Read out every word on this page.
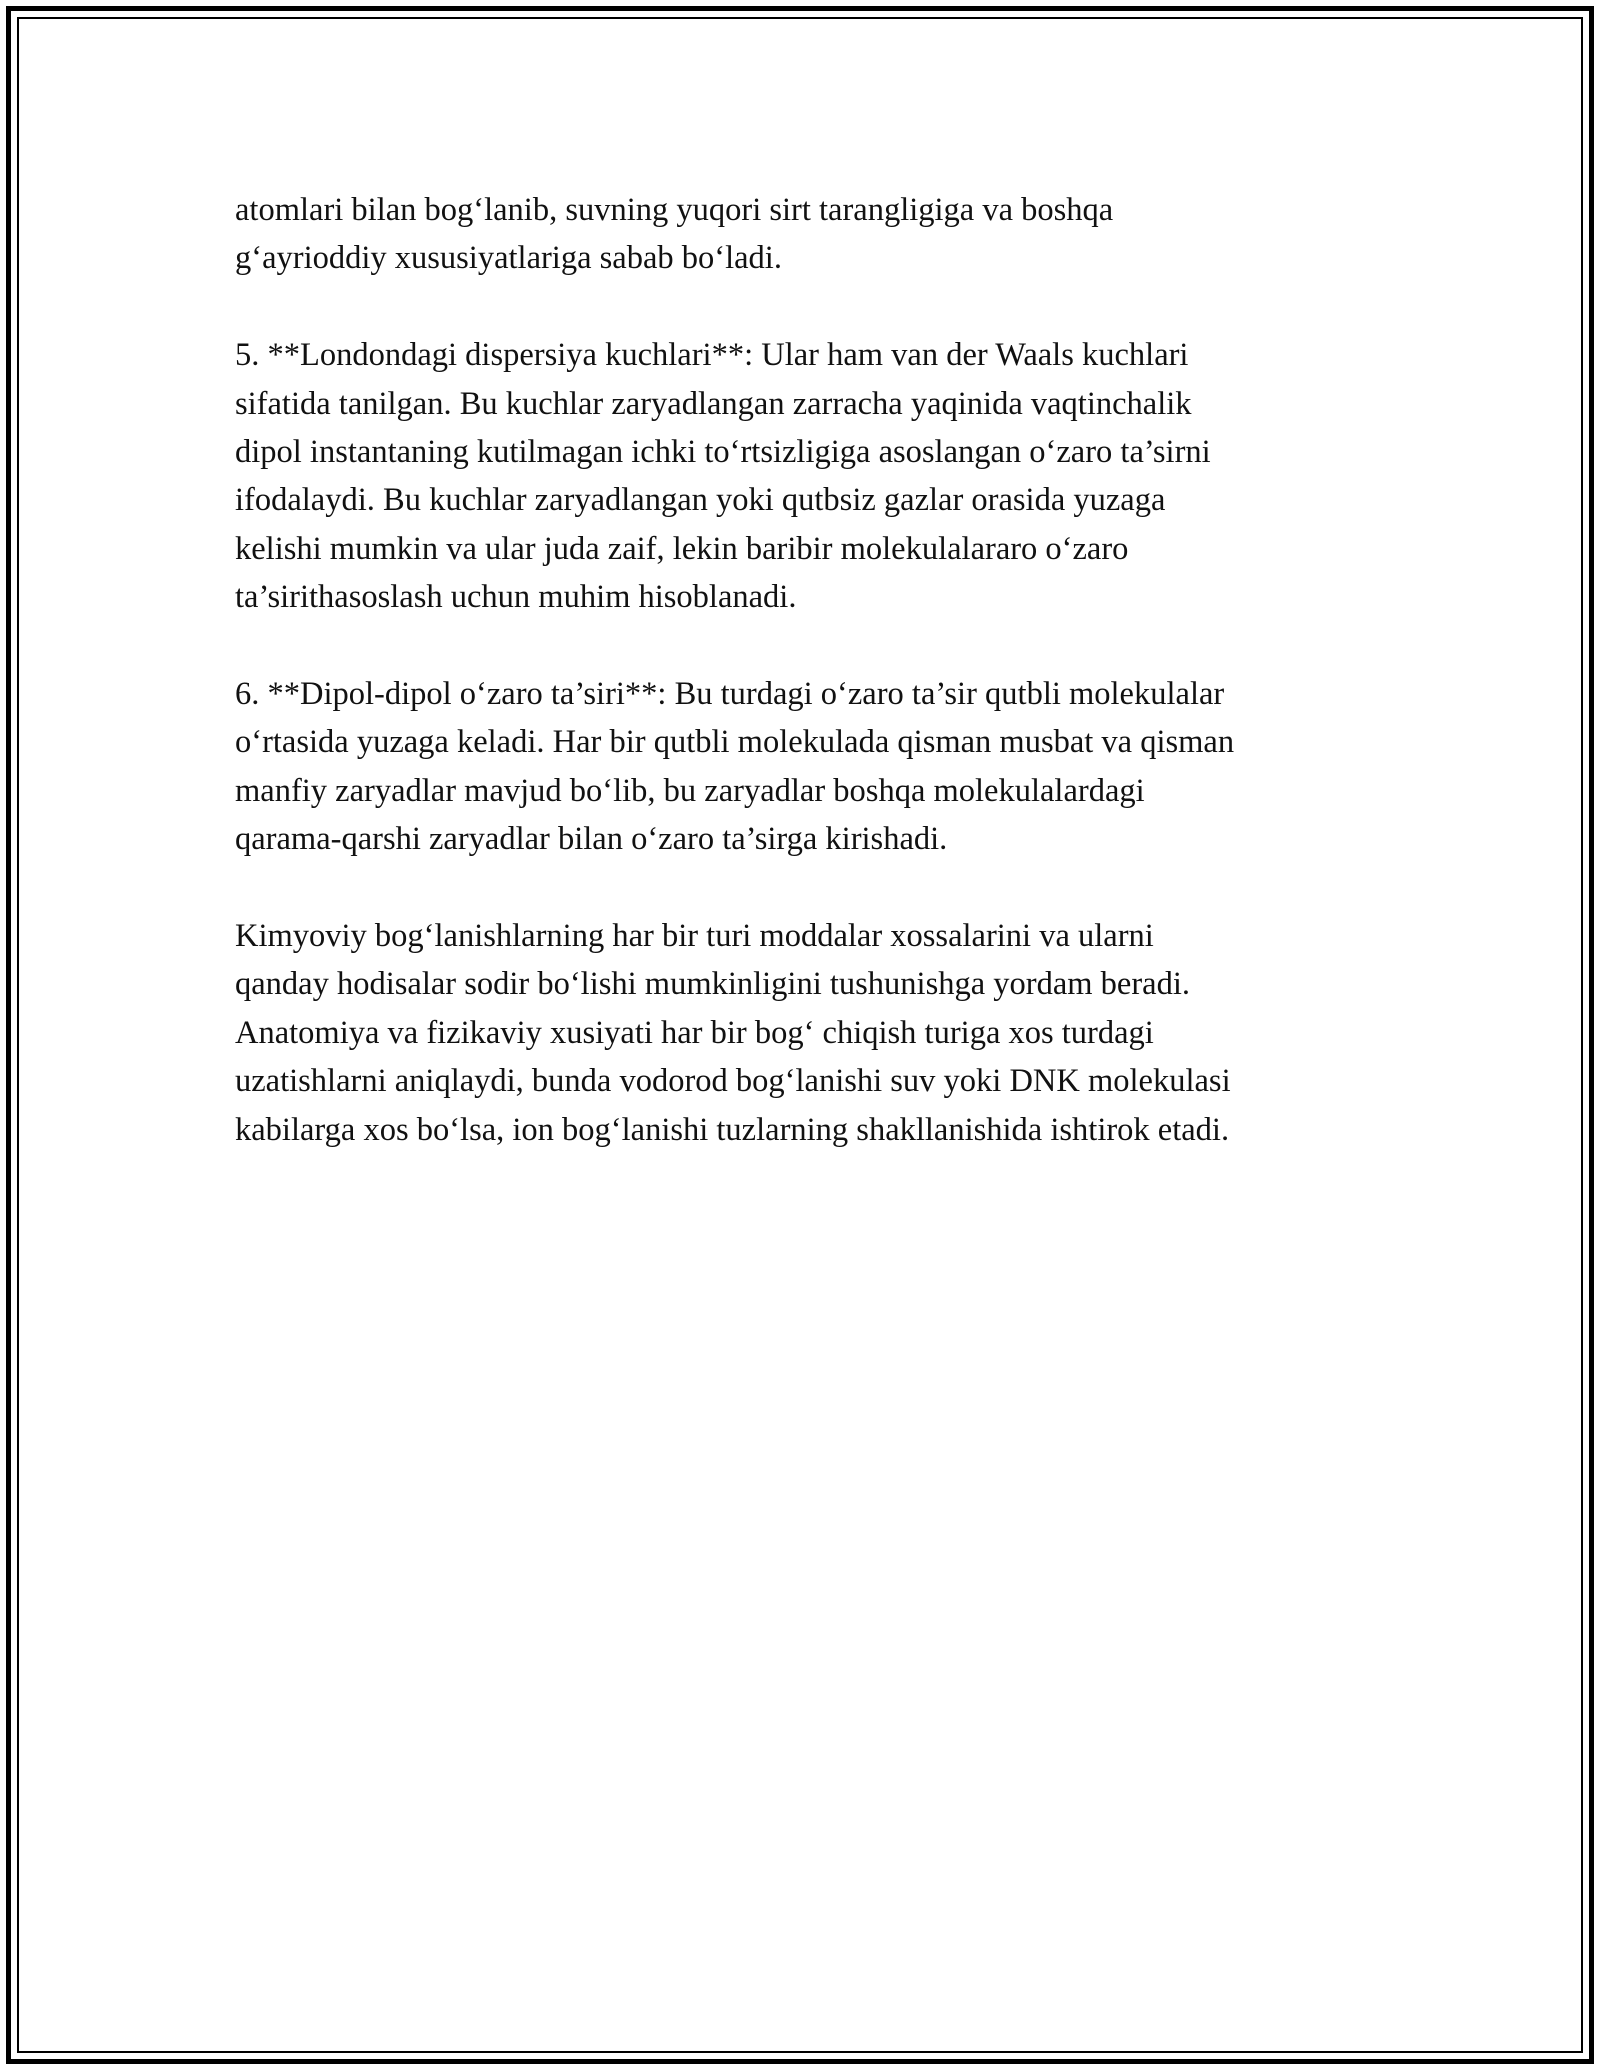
atomlari bilan bog‘lanib, suvning yuqori sirt tarangligiga va boshqa
g‘ayrioddiy xususiyatlariga sabab bo‘ladi.
5. **Londondagi dispersiya kuchlari**: Ular ham van der Waals kuchlari
sifatida tanilgan. Bu kuchlar zaryadlangan zarracha yaqinida vaqtinchalik
dipol instantaning kutilmagan ichki to‘rtsizligiga asoslangan o‘zaro ta’sirni
ifodalaydi. Bu kuchlar zaryadlangan yoki qutbsiz gazlar orasida yuzaga
kelishi mumkin va ular juda zaif, lekin baribir molekulalararo o‘zaro
ta’sirithasoslash uchun muhim hisoblanadi.
6. **Dipol-dipol o‘zaro ta’siri**: Bu turdagi o‘zaro ta’sir qutbli molekulalar
o‘rtasida yuzaga keladi. Har bir qutbli molekulada qisman musbat va qisman
manfiy zaryadlar mavjud bo‘lib, bu zaryadlar boshqa molekulalardagi
qarama-qarshi zaryadlar bilan o‘zaro ta’sirga kirishadi.
Kimyoviy bog‘lanishlarning har bir turi moddalar xossalarini va ularni
qanday hodisalar sodir bo‘lishi mumkinligini tushunishga yordam beradi.
Anatomiya va fizikaviy xusiyati har bir bog‘ chiqish turiga xos turdagi
uzatishlarni aniqlaydi, bunda vodorod bog‘lanishi suv yoki DNK molekulasi
kabilarga xos bo‘lsa, ion bog‘lanishi tuzlarning shakllanishida ishtirok etadi.
